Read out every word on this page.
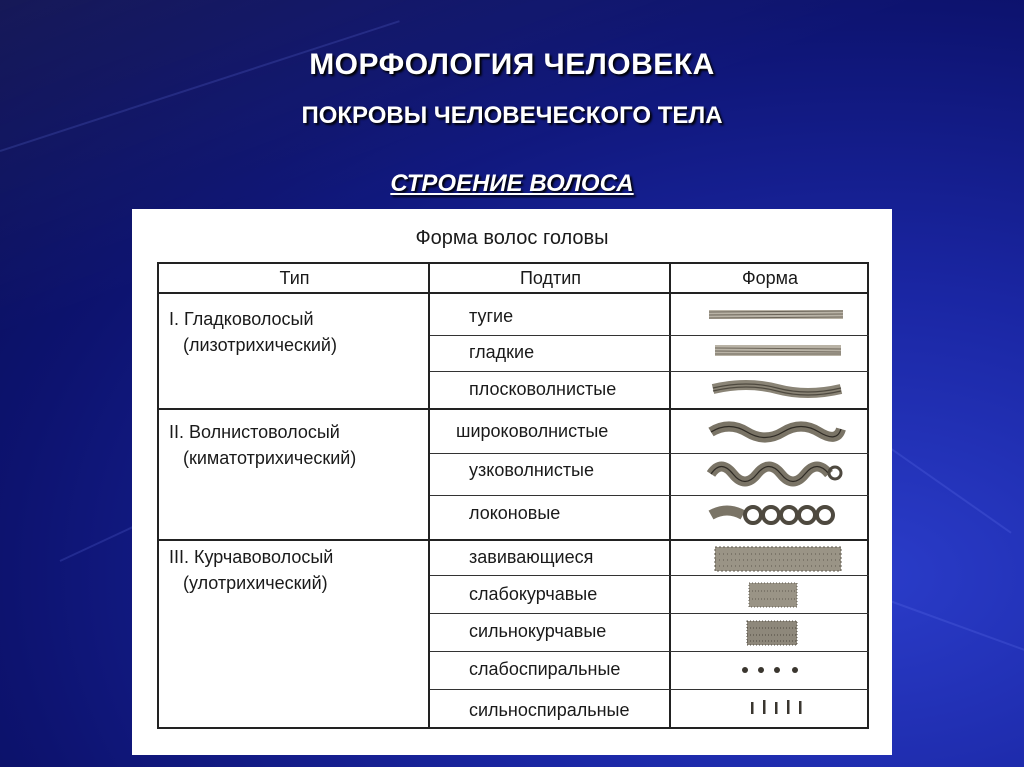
МОРФОЛОГИЯ ЧЕЛОВЕКА
ПОКРОВЫ ЧЕЛОВЕЧЕСКОГО ТЕЛА
СТРОЕНИЕ ВОЛОСА
Форма волос головы
Тип	Подтип	Форма
I. Гладковолосый
(лизотрихический)
тугие
гладкие
плосковолнистые
II. Волнистоволосый
(киматотрихический)
широковолнистые
узковолнистые
локоновые
III. Курчавоволосый
(улотрихический)
завивающиеся
слабокурчавые
сильнокурчавые
слабоспиральные
сильноспиральные
